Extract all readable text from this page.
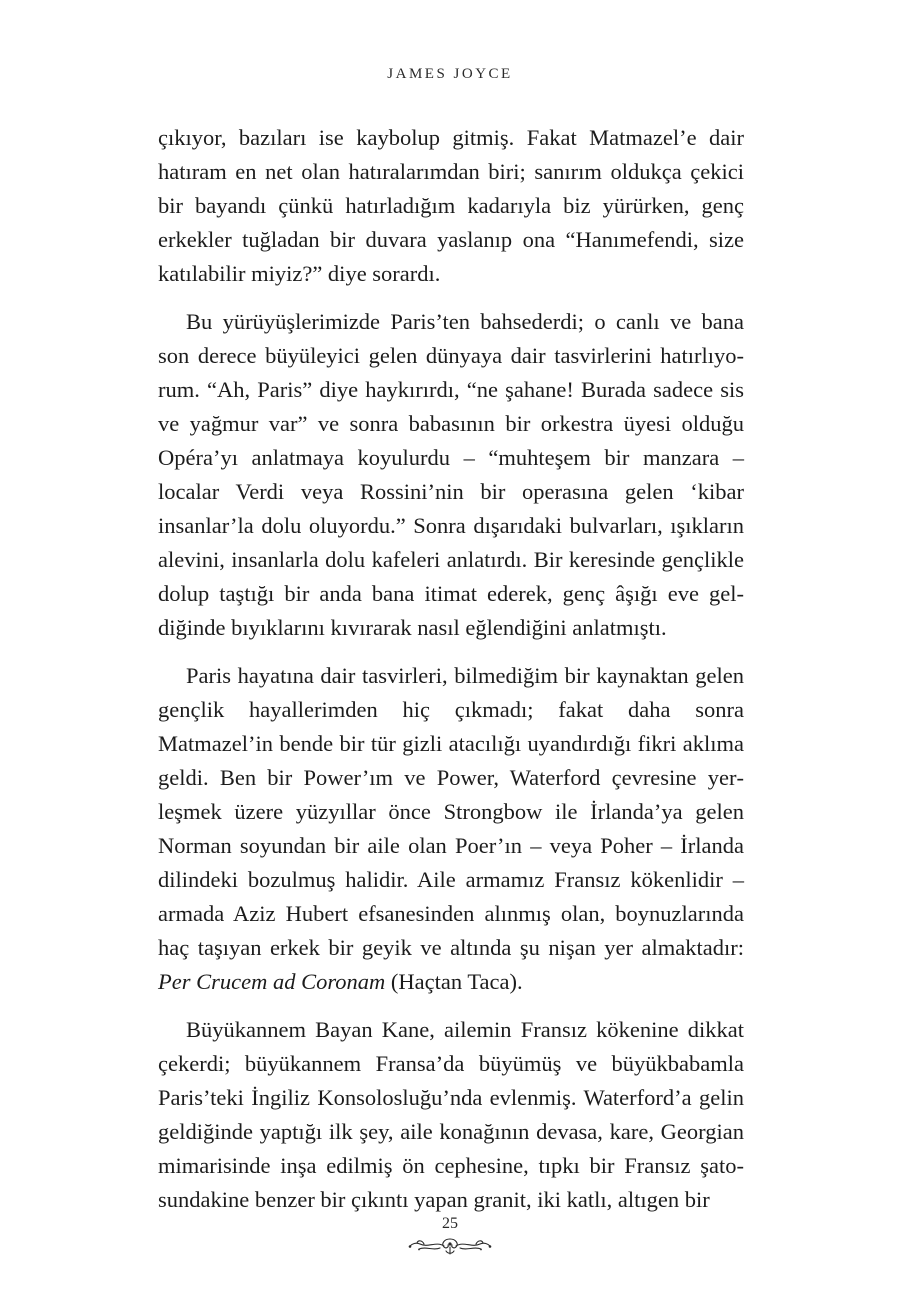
JAMES JOYCE

çıkıyor, bazıları ise kaybolup gitmiş. Fakat Matmazel’e dair hatıram en net olan hatıralarımdan biri; sanırım oldukça çekici bir bayandı çünkü hatırladığım kadarıyla biz yürürken, genç erkekler tuğladan bir duvara yaslanıp ona “Hanımefendi, size katılabilir miyiz?” diye sorardı.

Bu yürüyüşlerimizde Paris’ten bahsederdi; o canlı ve bana son derece büyüleyici gelen dünyaya dair tasvirlerini hatırlıyorum. “Ah, Paris” diye haykırırdı, “ne şahane! Burada sadece sis ve yağmur var” ve sonra babasının bir orkestra üyesi olduğu Opéra’yı anlatmaya koyulurdu – “muhteşem bir manzara – localar Verdi veya Rossini’nin bir operasına gelen ‘kibar insanlar’la dolu oluyordu.” Sonra dışarıdaki bulvarları, ışıkların alevini, insanlarla dolu kafeleri anlatırdı. Bir keresinde gençlikle dolup taştığı bir anda bana itimat ederek, genç âşığı eve geldiğinde bıyıklarını kıvırarak nasıl eğlendiğini anlatmıştı.

Paris hayatına dair tasvirleri, bilmediğim bir kaynaktan gelen gençlik hayallerimden hiç çıkmadı; fakat daha sonra Matmazel’in bende bir tür gizli atacılığı uyandırdığı fikri aklıma geldi. Ben bir Power’ım ve Power, Waterford çevresine yerleşmek üzere yüzyıllar önce Strongbow ile İrlanda’ya gelen Norman soyundan bir aile olan Poer’ın – veya Poher – İrlanda dilindeki bozulmuş halidir. Aile armamız Fransız kökenlidir – armada Aziz Hubert efsanesinden alınmış olan, boynuzlarında haç taşıyan erkek bir geyik ve altında şu nişan yer almaktadır: Per Crucem ad Coronam (Haçtan Taca).

Büyükannem Bayan Kane, ailemin Fransız kökenine dikkat çekerdi; büyükannem Fransa’da büyümüş ve büyükbabamla Paris’teki İngiliz Konsolosluğu’nda evlenmiş. Waterford’a gelin geldiğinde yaptığı ilk şey, aile konağının devasa, kare, Georgian mimarisinde inşa edilmiş ön cephesine, tıpkı bir Fransız şatosundakine benzer bir çıkıntı yapan granit, iki katlı, altıgen bir

25
